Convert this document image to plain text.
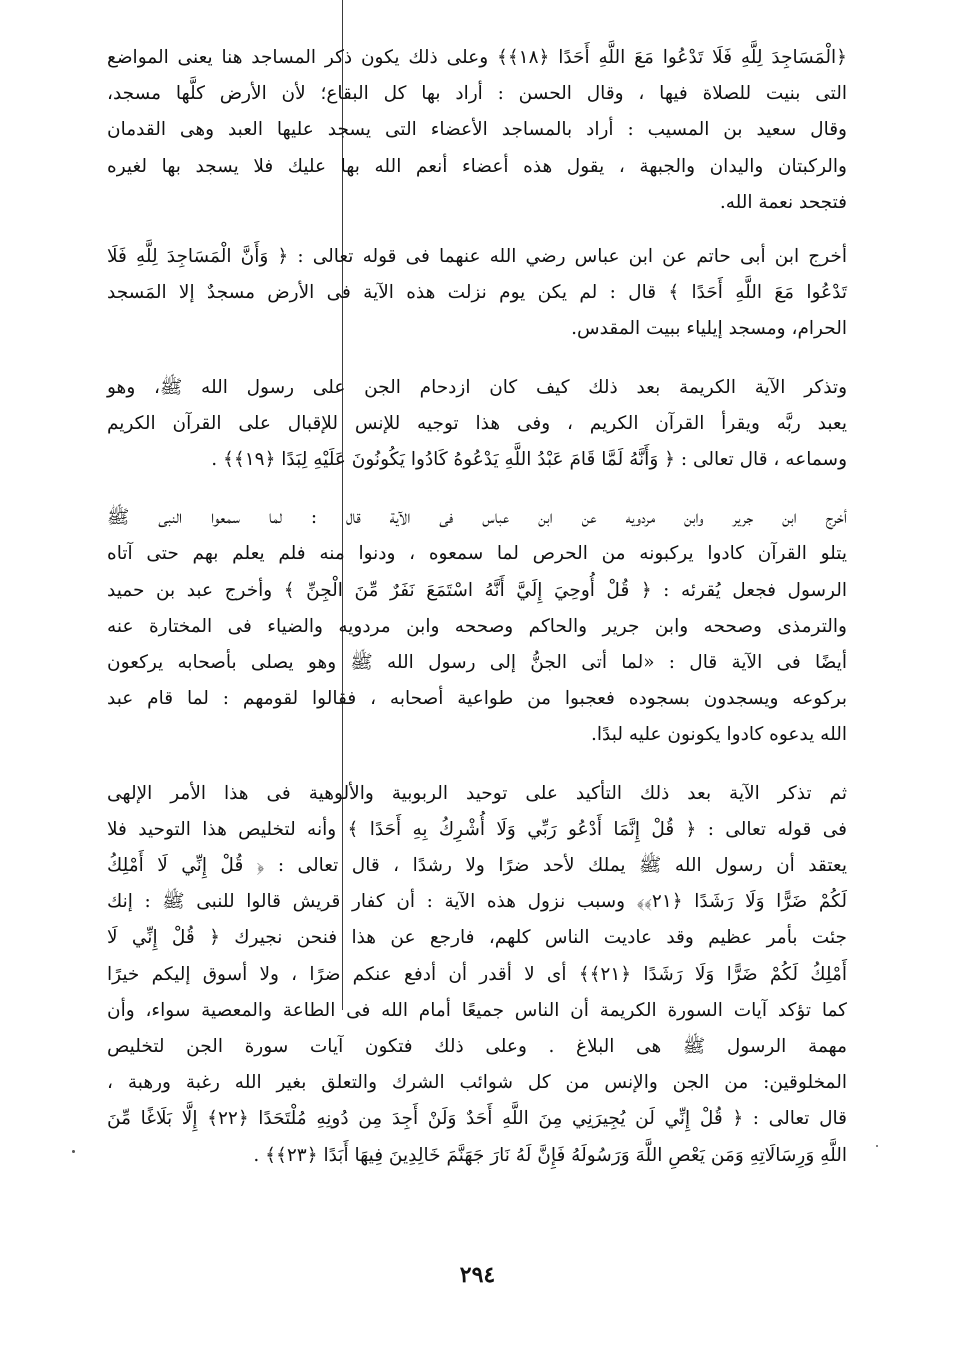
﴿الْمَسَاجِدَ لِلَّهِ فَلَا تَدْعُوا مَعَ اللَّهِ أَحَدًا ﴿١٨﴾﴾ وعلى ذلك يكون ذكر المساجد هنا يعنى المواضع
التى بنيت للصلاة فيها ، وقال الحسن : أراد بها كل البقاع؛ لأن الأرض كلَّها مسجد،
وقال سعيد بن المسيب : أراد بالمساجد الأعضاء التى يسجد عليها العبد وهى القدمان
والركبتان واليدان والجبهة ، يقول هذه أعضاء أنعم الله بها عليك فلا يسجد بها لغيره
فتجحد نعمة الله.

أخرج ابن أبى حاتم عن ابن عباس رضي الله عنهما فى قوله تعالى : ﴿ وَأَنَّ الْمَسَاجِدَ لِلَّهِ فَلَا
تَدْعُوا مَعَ اللَّهِ أَحَدًا ﴾ قال : لم يكن يوم نزلت هذه الآية فى الأرض مسجدٌ إلا المَسجد
الحرام، ومسجد إيلياء ببيت المقدس.

وتذكر الآية الكريمة بعد ذلك كيف كان ازدحام الجن على رسول الله ﷺ، وهو
يعبد ربَّه ويقرأ القرآن الكريم ، وفى هذا توجيه للإنس للإقبال على القرآن الكريم
وسماعه ، قال تعالى : ﴿ وَأَنَّهُ لَمَّا قَامَ عَبْدُ اللَّهِ يَدْعُوهُ كَادُوا يَكُونُونَ عَلَيْهِ لِبَدًا ﴿١٩﴾﴾ .

أخرج ابن جرير وابن مردويه عن ابن عباس فى الآية قال : لما سمعوا النبى ﷺ
يتلو القرآن كادوا يركبونه من الحرص لما سمعوه ، ودنوا منه فلم يعلم بهم حتى آتاه
الرسول فجعل يُقرئه : ﴿ قُلْ أُوحِيَ إِلَيَّ أَنَّهُ اسْتَمَعَ نَفَرٌ مِّنَ الْجِنِّ ﴾ وأخرج عبد بن حميد
والترمذى وصححه وابن جرير والحاكم وصححه وابن مردويه والضياء فى المختارة عنه
أيضًا فى الآية قال : «لما أتى الجنُّ إلى رسول الله ﷺ وهو يصلى بأصحابه يركعون
بركوعه ويسجدون بسجوده فعجبوا من طواعية أصحابه ، فقالوا لقومهم : لما قام عبد
الله يدعوه كادوا يكونون عليه لبدًا.

ثم تذكر الآية بعد ذلك التأكيد على توحيد الربوبية والألوهية فى هذا الأمر الإلهى
فى قوله تعالى : ﴿ قُلْ إِنَّمَا أَدْعُو رَبِّي وَلَا أُشْرِكُ بِهِ أَحَدًا ﴾ وأنه لتخليص هذا التوحيد فلا
يعتقد أن رسول الله ﷺ يملك لأحد ضرًا ولا رشدًا ، قال تعالى : ﴿ قُلْ إِنِّي لَا أَمْلِكُ
لَكُمْ ضَرًّا وَلَا رَشَدًا ﴿٢١﴾﴾ وسبب نزول هذه الآية : أن كفار قريش قالوا للنبى ﷺ : إنك
جئت بأمر عظيم وقد عاديت الناس كلهم، فارجع عن هذا فنحن نجيرك ﴿ قُلْ إِنِّي لَا
أَمْلِكُ لَكُمْ ضَرًّا وَلَا رَشَدًا ﴿٢١﴾﴾ أى لا أقدر أن أدفع عنكم ضرًا ، ولا أسوق إليكم خيرًا
كما تؤكد آيات السورة الكريمة أن الناس جميعًا أمام الله فى الطاعة والمعصية سواء، وأن
مهمة الرسول ﷺ هى البلاغ . وعلى ذلك فتكون آيات سورة الجن لتخليص
المخلوقين: من الجن والإنس من كل شوائب الشرك والتعلق بغير الله رغبة ورهبة ،
قال تعالى : ﴿ قُلْ إِنِّي لَن يُجِيرَنِي مِنَ اللَّهِ أَحَدٌ وَلَنْ أَجِدَ مِن دُونِهِ مُلْتَحَدًا ﴿٢٢﴾ إِلَّا بَلَاغًا مِّنَ
اللَّهِ وَرِسَالَاتِهِ وَمَن يَعْصِ اللَّهَ وَرَسُولَهُ فَإِنَّ لَهُ نَارَ جَهَنَّمَ خَالِدِينَ فِيهَا أَبَدًا ﴿٢٣﴾﴾ .

٢٩٤
